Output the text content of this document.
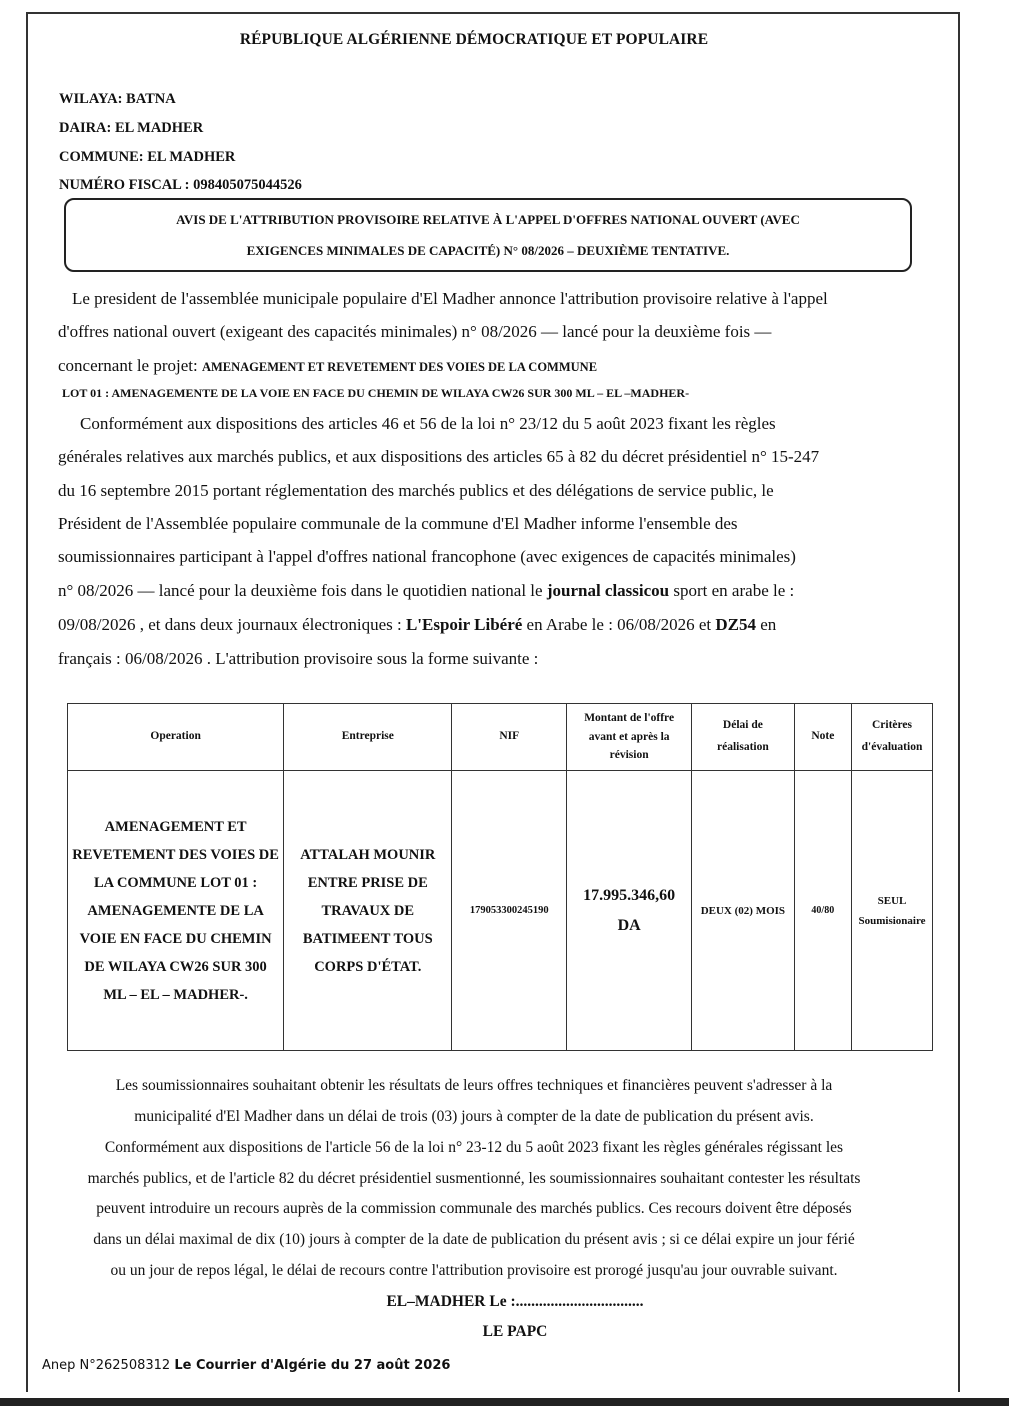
RÉPUBLIQUE ALGÉRIENNE DÉMOCRATIQUE ET POPULAIRE
WILAYA: BATNA
DAIRA: EL MADHER
COMMUNE: EL MADHER
NUMÉRO FISCAL : 098405075044526
AVIS DE L'ATTRIBUTION PROVISOIRE RELATIVE À L'APPEL D'OFFRES NATIONAL OUVERT (AVEC
EXIGENCES MINIMALES DE CAPACITÉ) N° 08/2026 – DEUXIÈME TENTATIVE.
Le president de l'assemblée municipale populaire d'El Madher annonce l'attribution provisoire relative à l'appel
d'offres national ouvert (exigeant des capacités minimales) n° 08/2026 — lancé pour la deuxième fois —
concernant le projet: AMENAGEMENT ET REVETEMENT DES VOIES DE LA COMMUNE
LOT 01 : AMENAGEMENTE DE LA VOIE EN FACE DU CHEMIN DE WILAYA CW26 SUR 300 ML – EL –MADHER-
Conformément aux dispositions des articles 46 et 56 de la loi n° 23/12 du 5 août 2023 fixant les règles
générales relatives aux marchés publics, et aux dispositions des articles 65 à 82 du décret présidentiel n° 15-247
du 16 septembre 2015 portant réglementation des marchés publics et des délégations de service public, le
Président de l'Assemblée populaire communale de la commune d'El Madher informe l'ensemble des
soumissionnaires participant à l'appel d'offres national francophone (avec exigences de capacités minimales)
n° 08/2026 — lancé pour la deuxième fois dans le quotidien national le journal classicou sport en arabe le :
09/08/2026 , et dans deux journaux électroniques : L'Espoir Libéré en Arabe le : 06/08/2026 et DZ54 en
français : 06/08/2026 . L'attribution provisoire sous la forme suivante :
Operation	Entreprise	NIF	Montant de l'offre avant et après la révision	Délai de réalisation	Note	Critères d'évaluation
AMENAGEMENT ET REVETEMENT DES VOIES DE LA COMMUNE LOT 01 : AMENAGEMENTE DE LA VOIE EN FACE DU CHEMIN DE WILAYA CW26 SUR 300 ML – EL – MADHER-.	ATTALAH MOUNIR ENTRE PRISE DE TRAVAUX DE BATIMEENT TOUS CORPS D'ÉTAT.	179053300245190	17.995.346,60 DA	DEUX (02) MOIS	40/80	SEUL Soumisionaire
Les soumissionnaires souhaitant obtenir les résultats de leurs offres techniques et financières peuvent s'adresser à la
municipalité d'El Madher dans un délai de trois (03) jours à compter de la date de publication du présent avis.
Conformément aux dispositions de l'article 56 de la loi n° 23-12 du 5 août 2023 fixant les règles générales régissant les
marchés publics, et de l'article 82 du décret présidentiel susmentionné, les soumissionnaires souhaitant contester les résultats
peuvent introduire un recours auprès de la commission communale des marchés publics. Ces recours doivent être déposés
dans un délai maximal de dix (10) jours à compter de la date de publication du présent avis ; si ce délai expire un jour férié
ou un jour de repos légal, le délai de recours contre l'attribution provisoire est prorogé jusqu'au jour ouvrable suivant.
EL–MADHER Le :.................................
LE PAPC
Anep N°262508312 Le Courrier d'Algérie du 27 août 2026
